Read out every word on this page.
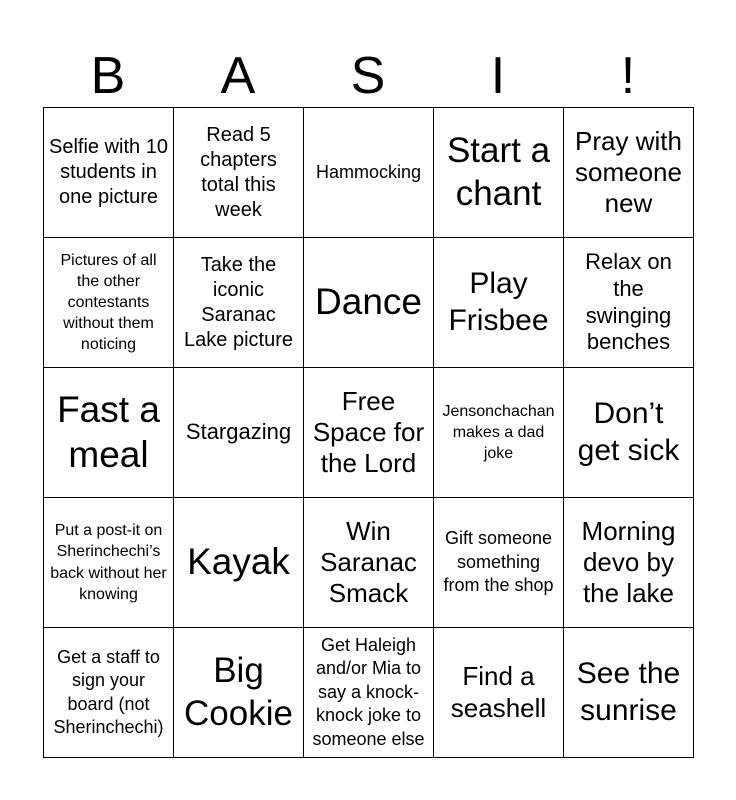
B	A	S	I	!
Selfie with 10 students in one picture	Read 5 chapters total this week	Hammocking	Start a chant	Pray with someone new
Pictures of all the other contestants without them noticing	Take the iconic Saranac Lake picture	Dance	Play Frisbee	Relax on the swinging benches
Fast a meal	Stargazing	Free Space for the Lord	Jensonchachan makes a dad joke	Don’t get sick
Put a post-it on Sherinchechi’s back without her knowing	Kayak	Win Saranac Smack	Gift someone something from the shop	Morning devo by the lake
Get a staff to sign your board (not Sherinchechi)	Big Cookie	Get Haleigh and/or Mia to say a knock-knock joke to someone else	Find a seashell	See the sunrise
